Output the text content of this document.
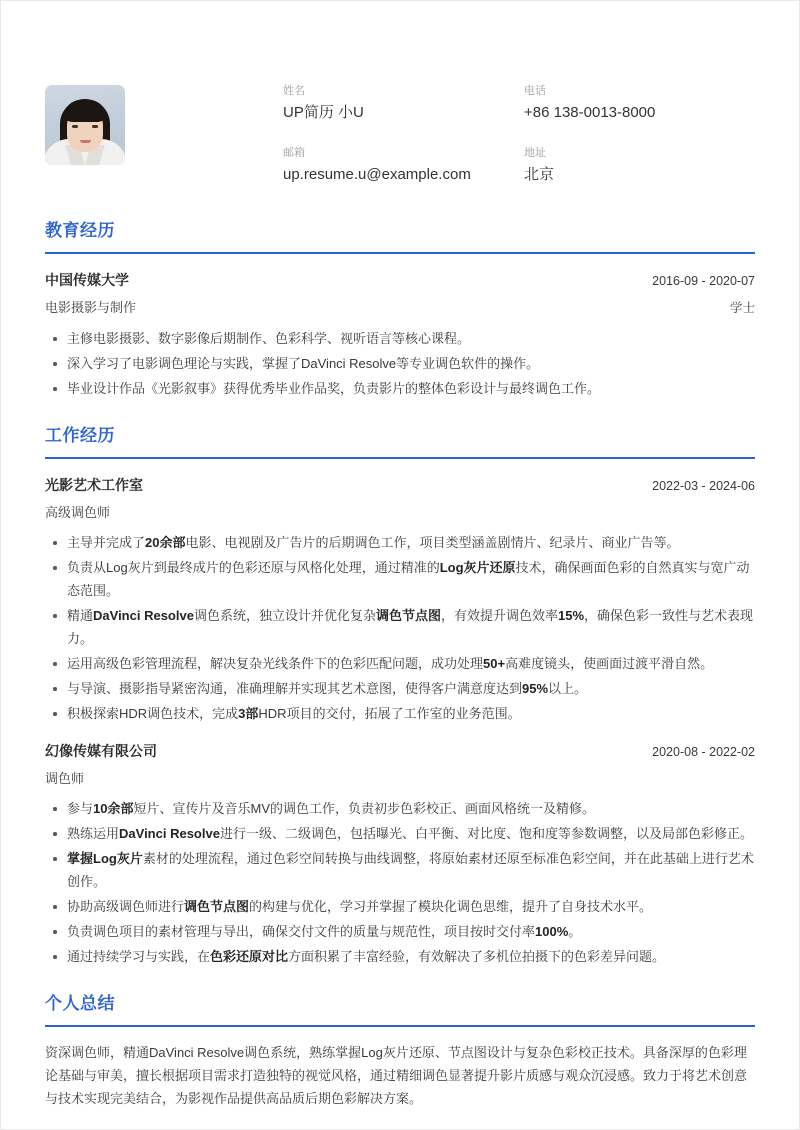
姓名
UP简历 小U
电话
+86 138-0013-8000
邮箱
up.resume.u@example.com
地址
北京
教育经历
中国传媒大学	2016-09 - 2020-07
电影摄影与制作	学士
主修电影摄影、数字影像后期制作、色彩科学、视听语言等核心课程。
深入学习了电影调色理论与实践，掌握了DaVinci Resolve等专业调色软件的操作。
毕业设计作品《光影叙事》获得优秀毕业作品奖，负责影片的整体色彩设计与最终调色工作。
工作经历
光影艺术工作室	2022-03 - 2024-06
高级调色师
主导并完成了20余部电影、电视剧及广告片的后期调色工作，项目类型涵盖剧情片、纪录片、商业广告等。
负责从Log灰片到最终成片的色彩还原与风格化处理，通过精准的Log灰片还原技术，确保画面色彩的自然真实与宽广动态范围。
精通DaVinci Resolve调色系统，独立设计并优化复杂调色节点图，有效提升调色效率15%，确保色彩一致性与艺术表现力。
运用高级色彩管理流程，解决复杂光线条件下的色彩匹配问题，成功处理50+高难度镜头，使画面过渡平滑自然。
与导演、摄影指导紧密沟通，准确理解并实现其艺术意图，使得客户满意度达到95%以上。
积极探索HDR调色技术，完成3部HDR项目的交付，拓展了工作室的业务范围。
幻像传媒有限公司	2020-08 - 2022-02
调色师
参与10余部短片、宣传片及音乐MV的调色工作，负责初步色彩校正、画面风格统一及精修。
熟练运用DaVinci Resolve进行一级、二级调色，包括曝光、白平衡、对比度、饱和度等参数调整，以及局部色彩修正。
掌握Log灰片素材的处理流程，通过色彩空间转换与曲线调整，将原始素材还原至标准色彩空间，并在此基础上进行艺术创作。
协助高级调色师进行调色节点图的构建与优化，学习并掌握了模块化调色思维，提升了自身技术水平。
负责调色项目的素材管理与导出，确保交付文件的质量与规范性，项目按时交付率100%。
通过持续学习与实践，在色彩还原对比方面积累了丰富经验，有效解决了多机位拍摄下的色彩差异问题。
个人总结
资深调色师，精通DaVinci Resolve调色系统，熟练掌握Log灰片还原、节点图设计与复杂色彩校正技术。具备深厚的色彩理论基础与审美，擅长根据项目需求打造独特的视觉风格，通过精细调色显著提升影片质感与观众沉浸感。致力于将艺术创意与技术实现完美结合，为影视作品提供高品质后期色彩解决方案。
